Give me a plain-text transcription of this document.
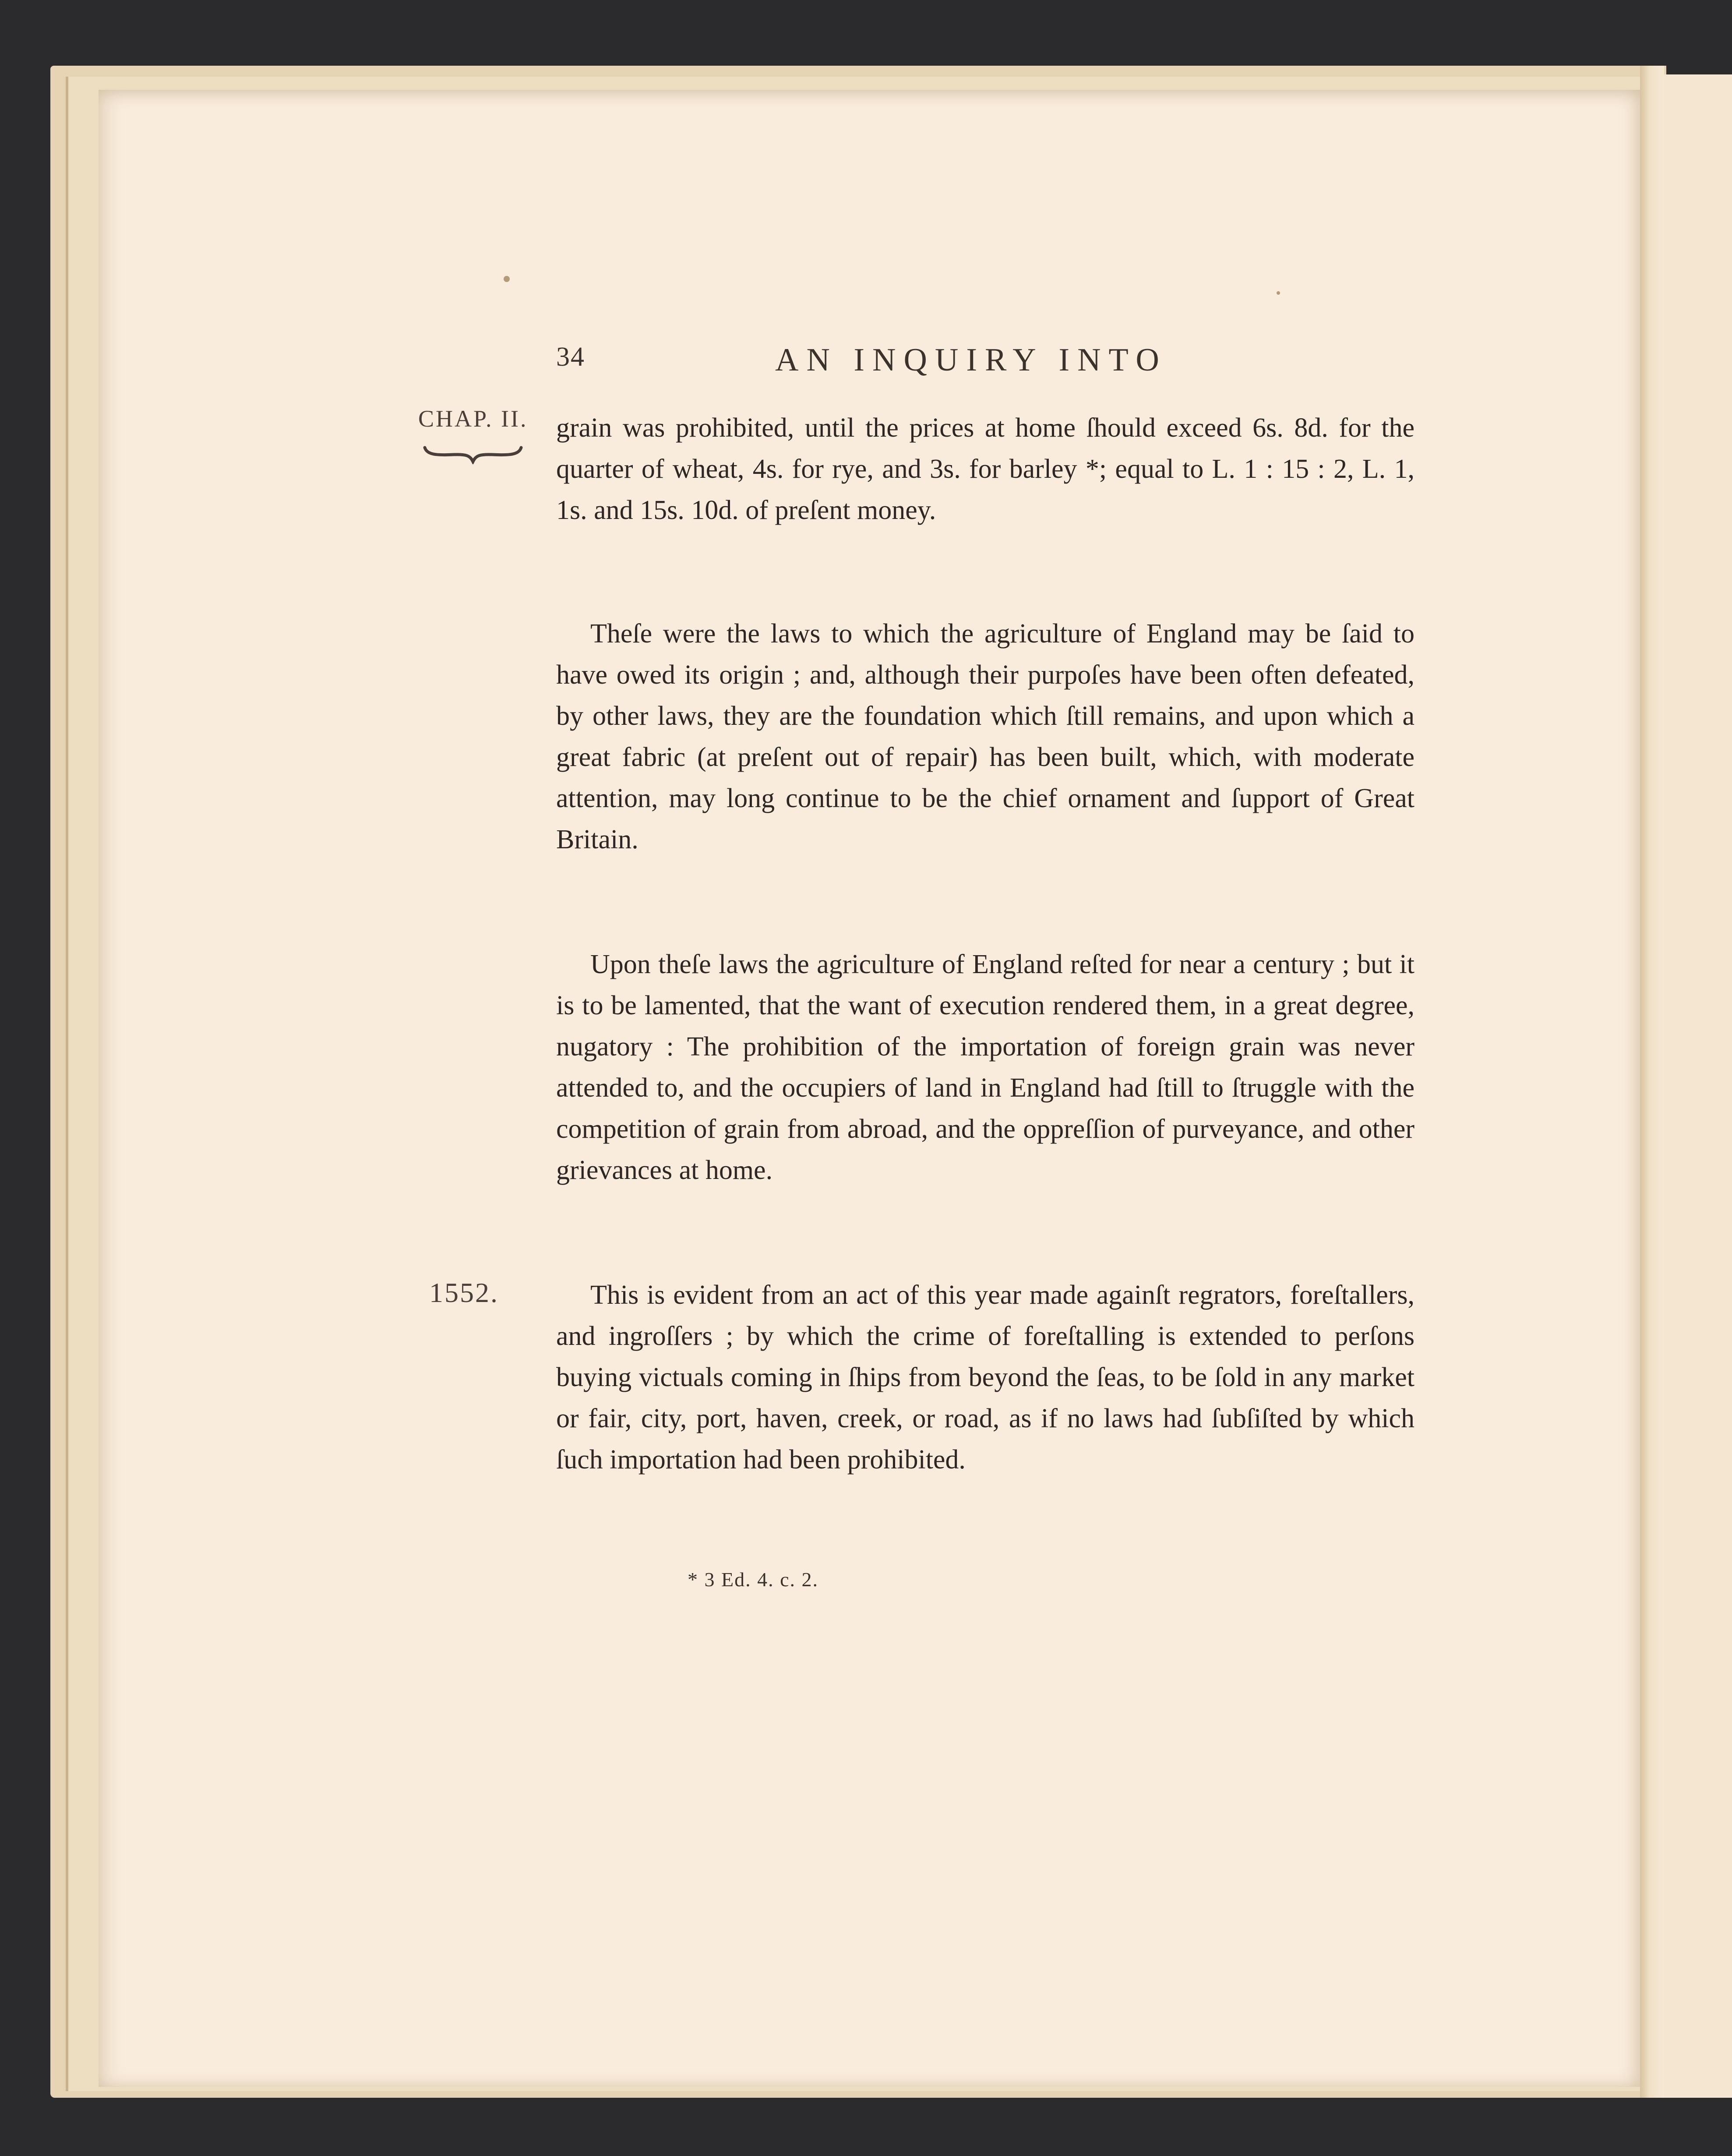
34	AN INQUIRY INTO
CHAP. II.
1552.

grain was prohibited, until the prices at home ſhould exceed 6s. 8d. for the quarter of wheat, 4s. for rye, and 3s. for barley *; equal to L. 1 : 15 : 2, L. 1, 1s. and 15s. 10d. of preſent money.

Theſe were the laws to which the agriculture of England may be ſaid to have owed its origin ; and, although their purpoſes have been often defeated, by other laws, they are the foundation which ſtill remains, and upon which a great fabric (at preſent out of repair) has been built, which, with moderate attention, may long continue to be the chief ornament and ſupport of Great Britain.

Upon theſe laws the agriculture of England reſted for near a century ; but it is to be lamented, that the want of execution rendered them, in a great degree, nugatory : The prohibition of the importation of foreign grain was never attended to, and the occupiers of land in England had ſtill to ſtruggle with the competition of grain from abroad, and the oppreſſion of purveyance, and other grievances at home.

This is evident from an act of this year made againſt regrators, foreſtallers, and ingroſſers ; by which the crime of foreſtalling is extended to perſons buying victuals coming in ſhips from beyond the ſeas, to be ſold in any market or fair, city, port, haven, creek, or road, as if no laws had ſubſiſted by which ſuch importation had been prohibited.

* 3 Ed. 4. c. 2.
